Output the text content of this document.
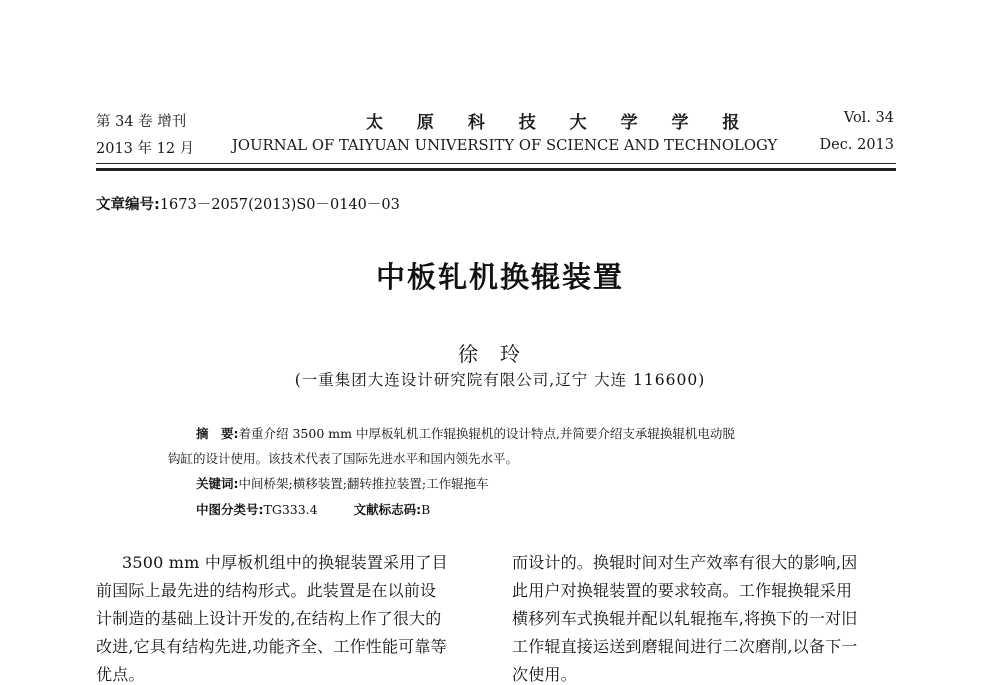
第 34 卷 增刊	太 原 科 技 大 学 学 报	Vol. 34
2013 年 12 月	JOURNAL OF TAIYUAN UNIVERSITY OF SCIENCE AND TECHNOLOGY	Dec. 2013
文章编号:1673－2057(2013)S0－0140－03
中板轧机换辊装置
徐玲
(一重集团大连设计研究院有限公司,辽宁 大连 116600)
摘　要:着重介绍 3500 mm 中厚板轧机工作辊换辊机的设计特点,并简要介绍支承辊换辊机电动脱
钩缸的设计使用。该技术代表了国际先进水平和国内领先水平。
关键词:中间桥架;横移装置;翻转推拉装置;工作辊拖车
中图分类号:TG333.4	文献标志码:B
3500 mm 中厚板机组中的换辊装置采用了目
前国际上最先进的结构形式。此装置是在以前设
计制造的基础上设计开发的,在结构上作了很大的
改进,它具有结构先进,功能齐全、工作性能可靠等
优点。
而设计的。换辊时间对生产效率有很大的影响,因
此用户对换辊装置的要求较高。工作辊换辊采用
横移列车式换辊并配以轧辊拖车,将换下的一对旧
工作辊直接运送到磨辊间进行二次磨削,以备下一
次使用。
